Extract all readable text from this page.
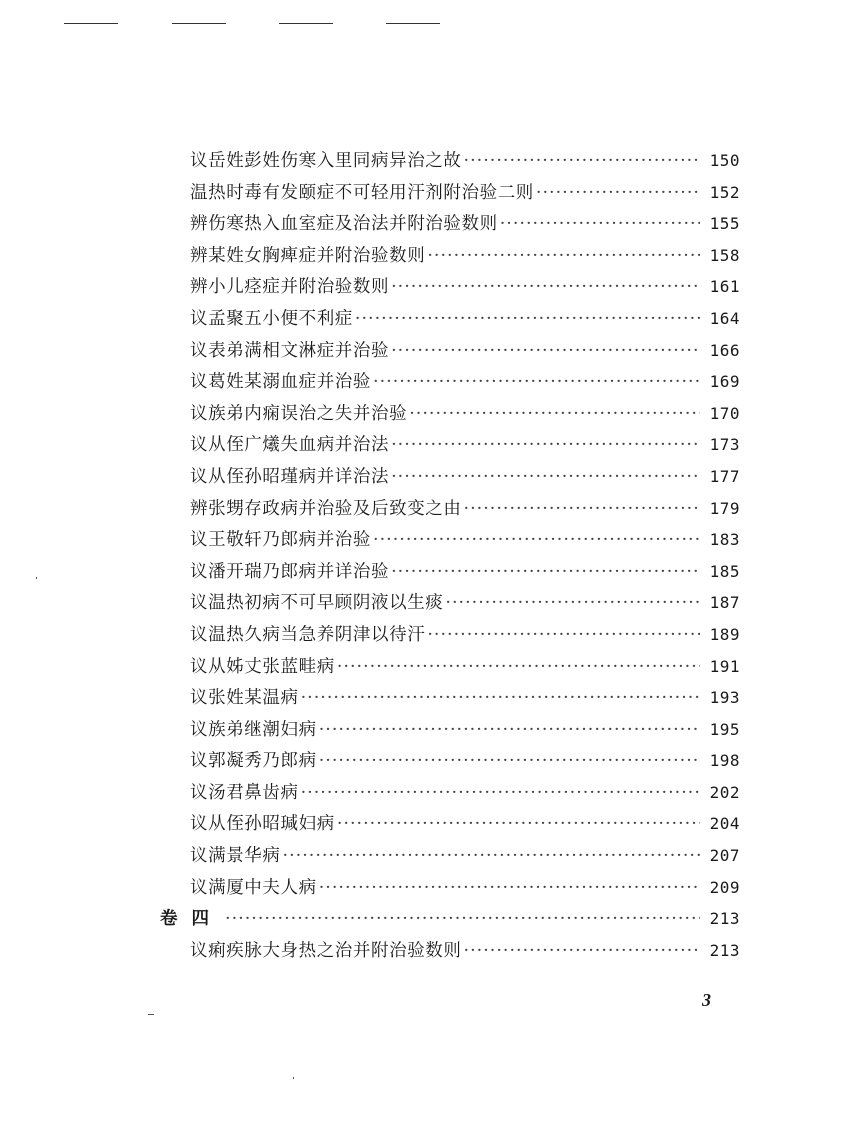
议岳姓彭姓伤寒入里同病异治之故 ·····	150
温热时毒有发颐症不可轻用汗剂附治验二则 ·····	152
辨伤寒热入血室症及治法并附治验数则 ·····	155
辨某姓女胸痺症并附治验数则 ·····	158
辨小儿痉症并附治验数则 ·····	161
议孟聚五小便不利症 ·····	164
议表弟满相文淋症并治验 ·····	166
议葛姓某溺血症并治验 ·····	169
议族弟内痫误治之失并治验 ·····	170
议从侄广爔失血病并治法 ·····	173
议从侄孙昭瑾病并详治法 ·····	177
辨张甥存政病并治验及后致变之由 ·····	179
议王敬轩乃郎病并治验 ·····	183
议潘开瑞乃郎病并详治验 ·····	185
议温热初病不可早顾阴液以生痰 ·····	187
议温热久病当急养阴津以待汗 ·····	189
议从姊丈张蓝畦病 ·····	191
议张姓某温病 ·····	193
议族弟继潮妇病 ·····	195
议郭凝秀乃郎病 ·····	198
议汤君鼻齿病 ·····	202
议从侄孙昭瑊妇病 ·····	204
议满景华病 ·····	207
议满厦中夫人病 ·····	209
卷四 ·····	213
议痢疾脉大身热之治并附治验数则 ·····	213
3
